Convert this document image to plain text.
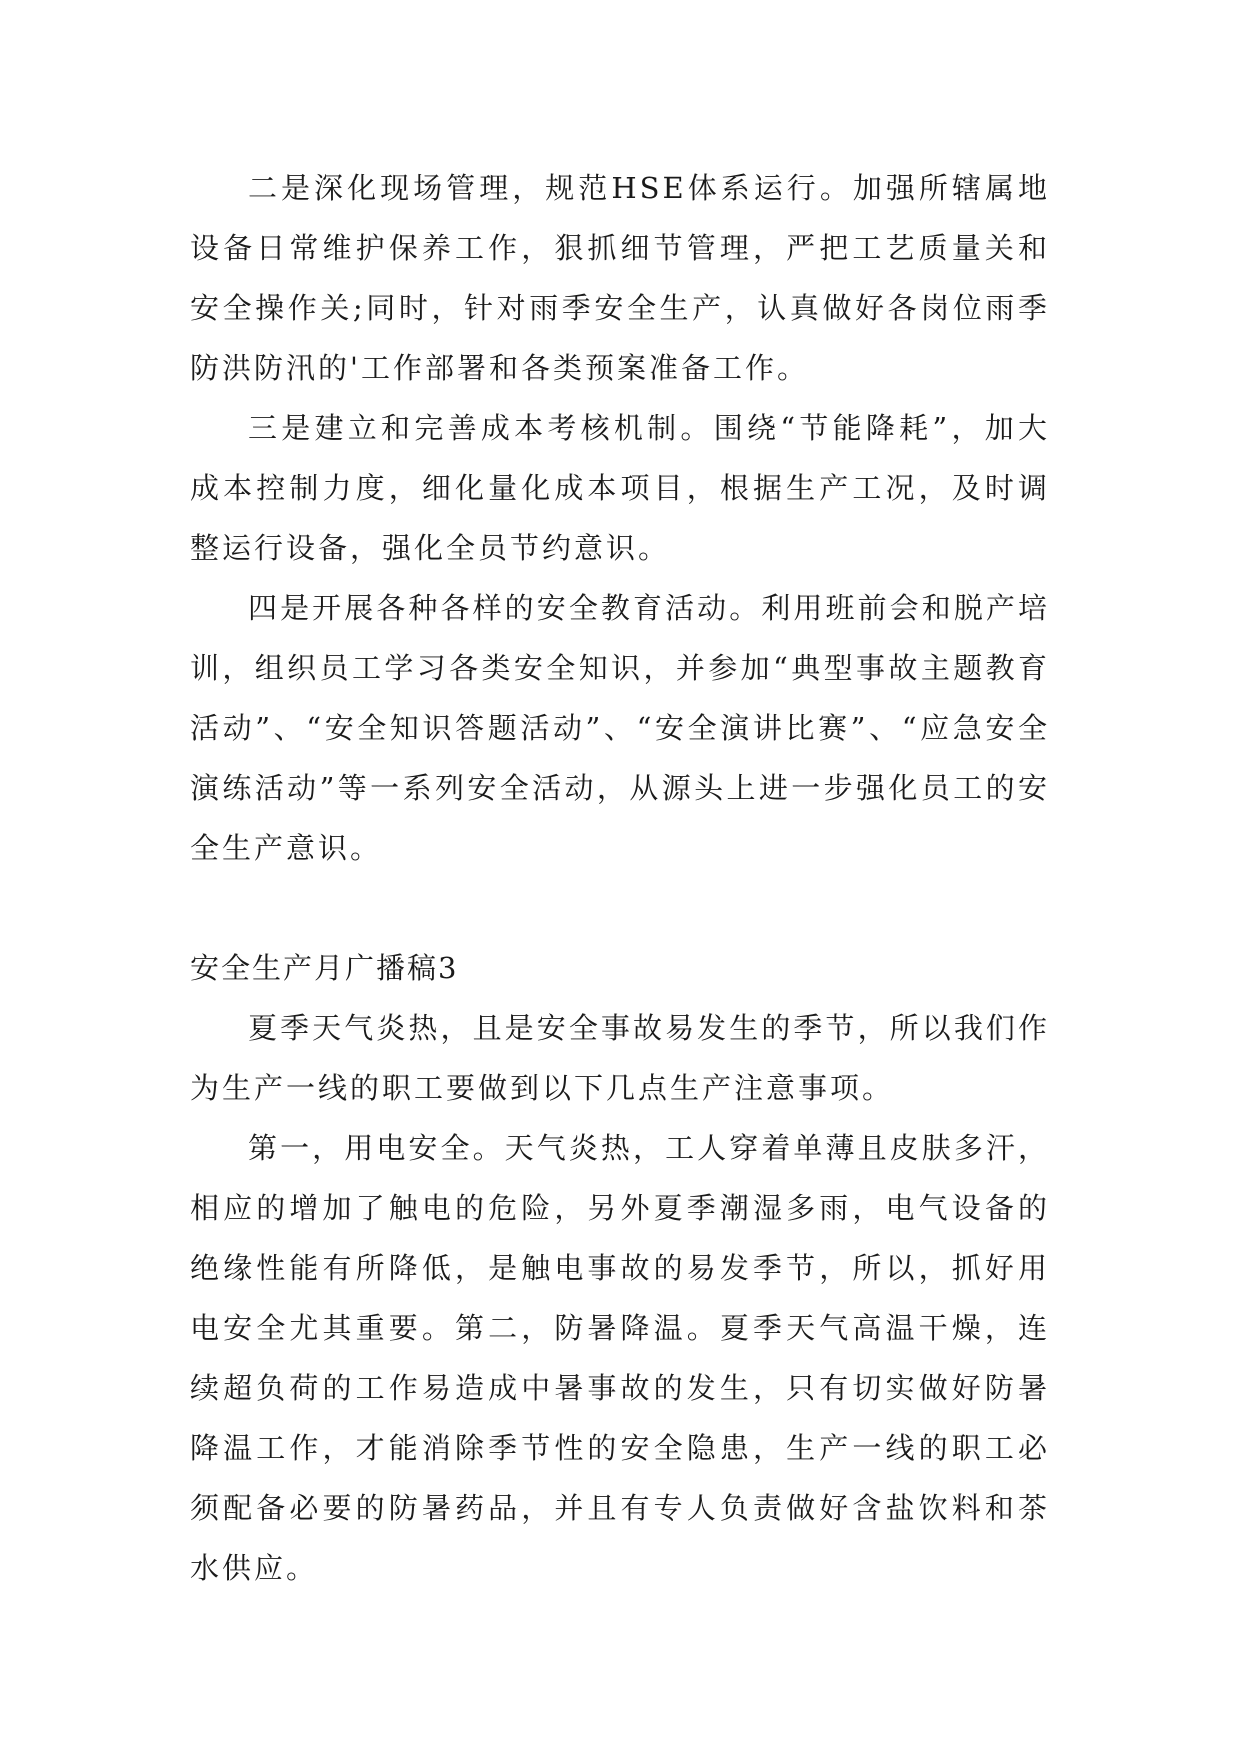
二是深化现场管理，规范HSE体系运行。加强所辖属地设备日常维护保养工作，狠抓细节管理，严把工艺质量关和安全操作关;同时，针对雨季安全生产，认真做好各岗位雨季防洪防汛的'工作部署和各类预案准备工作。

三是建立和完善成本考核机制。围绕“节能降耗”，加大成本控制力度，细化量化成本项目，根据生产工况，及时调整运行设备，强化全员节约意识。

四是开展各种各样的安全教育活动。利用班前会和脱产培训，组织员工学习各类安全知识，并参加“典型事故主题教育活动”、“安全知识答题活动”、“安全演讲比赛”、“应急安全演练活动”等一系列安全活动，从源头上进一步强化员工的安全生产意识。

安全生产月广播稿3

夏季天气炎热，且是安全事故易发生的季节，所以我们作为生产一线的职工要做到以下几点生产注意事项。

第一，用电安全。天气炎热，工人穿着单薄且皮肤多汗，相应的增加了触电的危险，另外夏季潮湿多雨，电气设备的绝缘性能有所降低，是触电事故的易发季节，所以，抓好用电安全尤其重要。第二，防暑降温。夏季天气高温干燥，连续超负荷的工作易造成中暑事故的发生，只有切实做好防暑降温工作，才能消除季节性的安全隐患，生产一线的职工必须配备必要的防暑药品，并且有专人负责做好含盐饮料和茶水供应。
